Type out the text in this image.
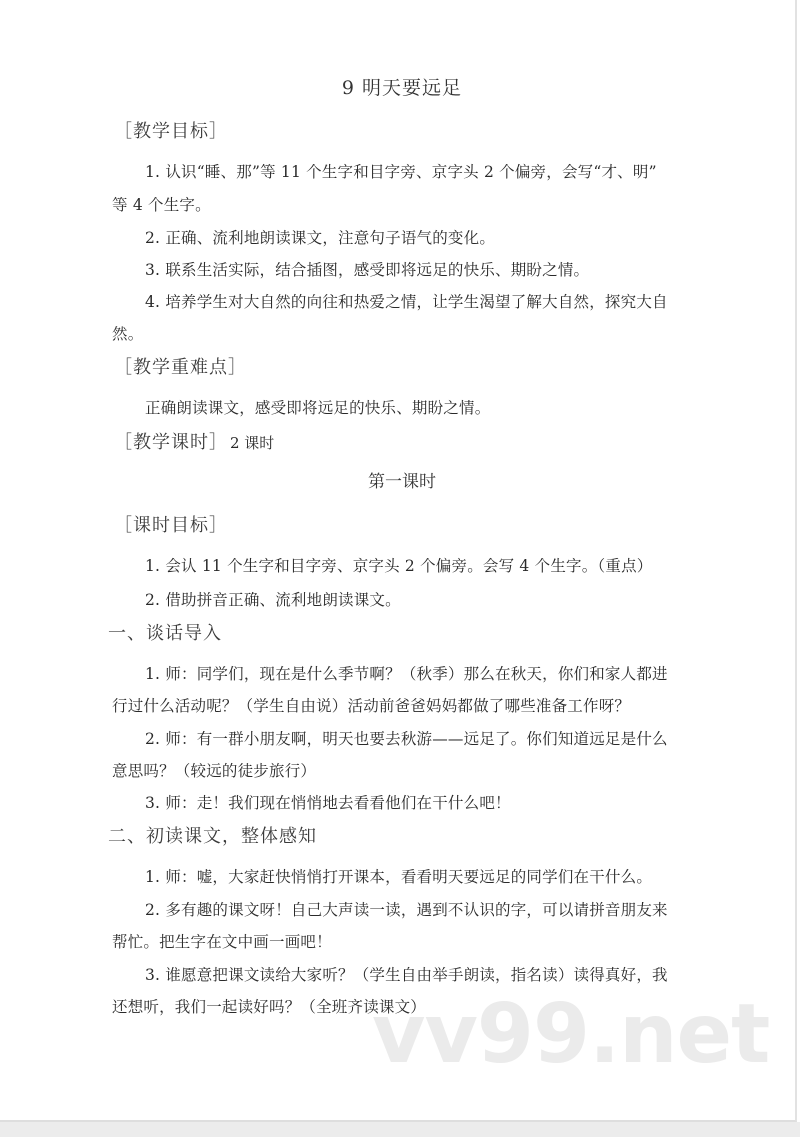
vv99.net
9 明天要远足
［教学目标］
1. 认识“睡、那”等 11 个生字和目字旁、京字头 2 个偏旁，会写“才、明”
等 4 个生字。
2. 正确、流利地朗读课文，注意句子语气的变化。
3. 联系生活实际，结合插图，感受即将远足的快乐、期盼之情。
4. 培养学生对大自然的向往和热爱之情，让学生渴望了解大自然，探究大自
然。
［教学重难点］
正确朗读课文，感受即将远足的快乐、期盼之情。
［教学课时］ 2 课时
第一课时
［课时目标］
1. 会认 11 个生字和目字旁、京字头 2 个偏旁。会写 4 个生字。（重点）
2. 借助拼音正确、流利地朗读课文。
一、谈话导入
1. 师：同学们，现在是什么季节啊？（秋季）那么在秋天，你们和家人都进
行过什么活动呢？（学生自由说）活动前爸爸妈妈都做了哪些准备工作呀？
2. 师：有一群小朋友啊，明天也要去秋游——远足了。你们知道远足是什么
意思吗？（较远的徒步旅行）
3. 师：走！我们现在悄悄地去看看他们在干什么吧！
二、初读课文，整体感知
1. 师：嘘，大家赶快悄悄打开课本，看看明天要远足的同学们在干什么。
2. 多有趣的课文呀！自己大声读一读，遇到不认识的字，可以请拼音朋友来
帮忙。把生字在文中画一画吧！
3. 谁愿意把课文读给大家听？（学生自由举手朗读，指名读）读得真好，我
还想听，我们一起读好吗？（全班齐读课文）
